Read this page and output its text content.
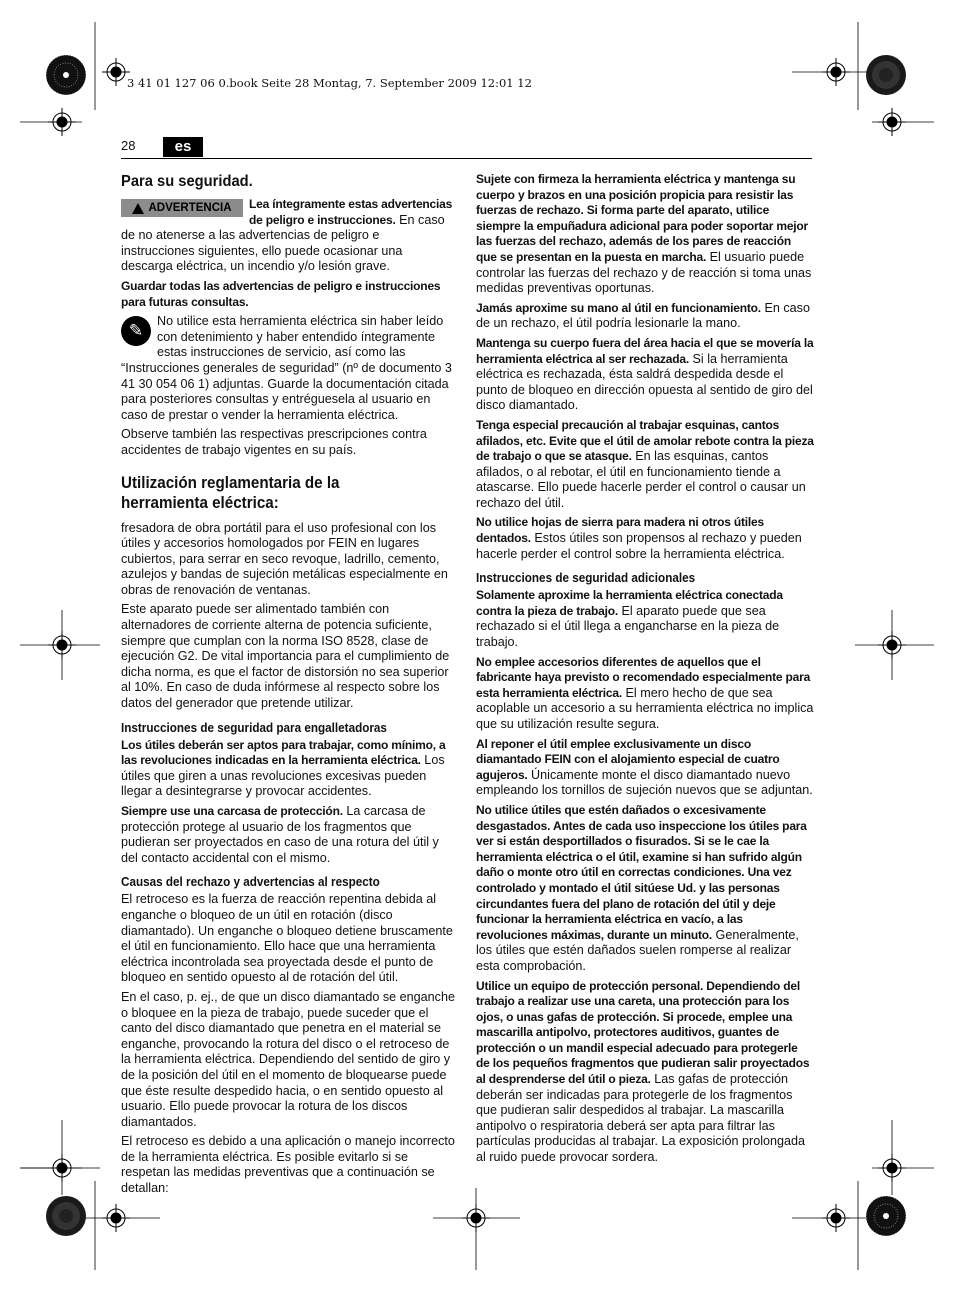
3 41 01 127 06 0.book Seite 28 Montag, 7. September 2009 12:01 12
28	es
Para su seguridad.
ADVERTENCIA	Lea íntegramente estas advertencias de peligro e instrucciones. En caso de no atenerse a las advertencias de peligro e instrucciones siguientes, ello puede ocasionar una descarga eléctrica, un incendio y/o lesión grave.

Guardar todas las advertencias de peligro e instrucciones para futuras consultas.

✎	No utilice esta herramienta eléctrica sin haber leído con detenimiento y haber entendido íntegramente estas instrucciones de servicio, así como las “Instrucciones generales de seguridad” (nº de documento 3 41 30 054 06 1) adjuntas. Guarde la documentación citada para posteriores consultas y entréguesela al usuario en caso de prestar o vender la herramienta eléctrica.

Observe también las respectivas prescripciones contra accidentes de trabajo vigentes en su país.

Utilización reglamentaria de la
herramienta eléctrica:

fresadora de obra portátil para el uso profesional con los útiles y accesorios homologados por FEIN en lugares cubiertos, para serrar en seco revoque, ladrillo, cemento, azulejos y bandas de sujeción metálicas especialmente en obras de renovación de ventanas.

Este aparato puede ser alimentado también con alternadores de corriente alterna de potencia suficiente, siempre que cumplan con la norma ISO 8528, clase de ejecución G2. De vital importancia para el cumplimiento de dicha norma, es que el factor de distorsión no sea superior al 10%. En caso de duda infórmese al respecto sobre los datos del generador que pretende utilizar.

Instrucciones de seguridad para engalletadoras

Los útiles deberán ser aptos para trabajar, como mínimo, a las revoluciones indicadas en la herramienta eléctrica. Los útiles que giren a unas revoluciones excesivas pueden llegar a desintegrarse y provocar accidentes.

Siempre use una carcasa de protección. La carcasa de protección protege al usuario de los fragmentos que pudieran ser proyectados en caso de una rotura del útil y del contacto accidental con el mismo.

Causas del rechazo y advertencias al respecto

El retroceso es la fuerza de reacción repentina debida al enganche o bloqueo de un útil en rotación (disco diamantado). Un enganche o bloqueo detiene bruscamente el útil en funcionamiento. Ello hace que una herramienta eléctrica incontrolada sea proyectada desde el punto de bloqueo en sentido opuesto al de rotación del útil.

En el caso, p. ej., de que un disco diamantado se enganche o bloquee en la pieza de trabajo, puede suceder que el canto del disco diamantado que penetra en el material se enganche, provocando la rotura del disco o el retroceso de la herramienta eléctrica. Dependiendo del sentido de giro y de la posición del útil en el momento de bloquearse puede que éste resulte despedido hacia, o en sentido opuesto al usuario. Ello puede provocar la rotura de los discos diamantados.

El retroceso es debido a una aplicación o manejo incorrecto de la herramienta eléctrica. Es posible evitarlo si se respetan las medidas preventivas que a continuación se detallan:

Sujete con firmeza la herramienta eléctrica y mantenga su cuerpo y brazos en una posición propicia para resistir las fuerzas de rechazo. Si forma parte del aparato, utilice siempre la empuñadura adicional para poder soportar mejor las fuerzas del rechazo, además de los pares de reacción que se presentan en la puesta en marcha. El usuario puede controlar las fuerzas del rechazo y de reacción si toma unas medidas preventivas oportunas.

Jamás aproxime su mano al útil en funcionamiento. En caso de un rechazo, el útil podría lesionarle la mano.

Mantenga su cuerpo fuera del área hacia el que se movería la herramienta eléctrica al ser rechazada. Si la herramienta eléctrica es rechazada, ésta saldrá despedida desde el punto de bloqueo en dirección opuesta al sentido de giro del disco diamantado.

Tenga especial precaución al trabajar esquinas, cantos afilados, etc. Evite que el útil de amolar rebote contra la pieza de trabajo o que se atasque. En las esquinas, cantos afilados, o al rebotar, el útil en funcionamiento tiende a atascarse. Ello puede hacerle perder el control o causar un rechazo del útil.

No utilice hojas de sierra para madera ni otros útiles dentados. Estos útiles son propensos al rechazo y pueden hacerle perder el control sobre la herramienta eléctrica.

Instrucciones de seguridad adicionales

Solamente aproxime la herramienta eléctrica conectada contra la pieza de trabajo. El aparato puede que sea rechazado si el útil llega a engancharse en la pieza de trabajo.

No emplee accesorios diferentes de aquellos que el fabricante haya previsto o recomendado especialmente para esta herramienta eléctrica. El mero hecho de que sea acoplable un accesorio a su herramienta eléctrica no implica que su utilización resulte segura.

Al reponer el útil emplee exclusivamente un disco diamantado FEIN con el alojamiento especial de cuatro agujeros. Únicamente monte el disco diamantado nuevo empleando los tornillos de sujeción nuevos que se adjuntan.

No utilice útiles que estén dañados o excesivamente desgastados. Antes de cada uso inspeccione los útiles para ver si están desportillados o fisurados. Si se le cae la herramienta eléctrica o el útil, examine si han sufrido algún daño o monte otro útil en correctas condiciones. Una vez controlado y montado el útil sitúese Ud. y las personas circundantes fuera del plano de rotación del útil y deje funcionar la herramienta eléctrica en vacío, a las revoluciones máximas, durante un minuto. Generalmente, los útiles que estén dañados suelen romperse al realizar esta comprobación.

Utilice un equipo de protección personal. Dependiendo del trabajo a realizar use una careta, una protección para los ojos, o unas gafas de protección. Si procede, emplee una mascarilla antipolvo, protectores auditivos, guantes de protección o un mandil especial adecuado para protegerle de los pequeños fragmentos que pudieran salir proyectados al desprenderse del útil o pieza. Las gafas de protección deberán ser indicadas para protegerle de los fragmentos que pudieran salir despedidos al trabajar. La mascarilla antipolvo o respiratoria deberá ser apta para filtrar las partículas producidas al trabajar. La exposición prolongada al ruido puede provocar sordera.
